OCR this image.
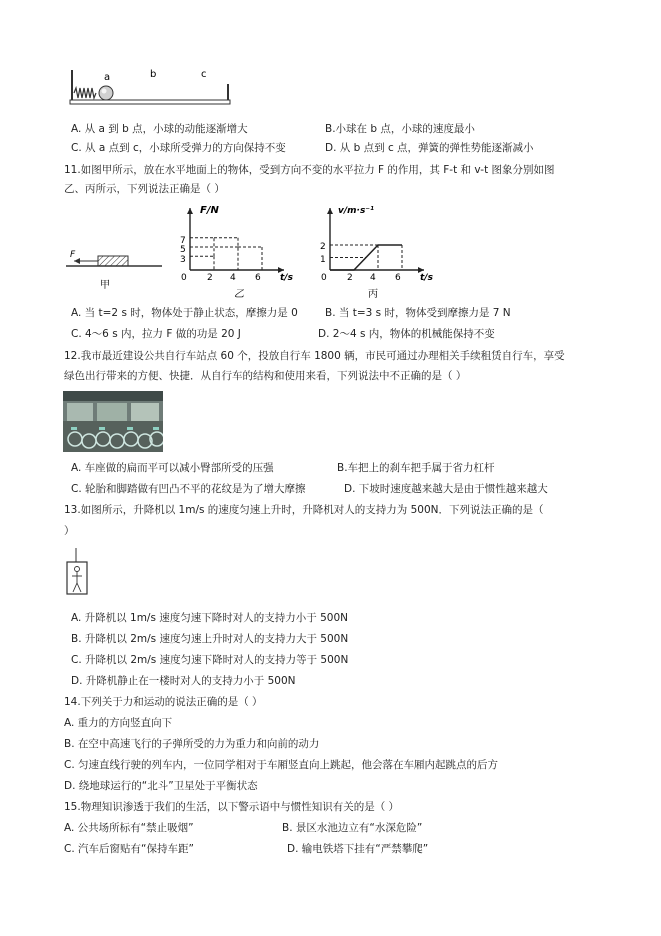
a	b	c
A. 从 a 到 b 点，小球的动能逐渐增大	B.小球在 b 点，小球的速度最小
C. 从 a 点到 c，小球所受弹力的方向保持不变	D. 从 b 点到 c 点，弹簧的弹性势能逐渐减小
11.如图甲所示，放在水平地面上的物体，受到方向不变的水平拉力 F 的作用，其 F-t 和 v-t 图象分别如图
乙、丙所示，下列说法正确是（ ）
F
甲
F/N
t/s
7
5
3
0 2 4 6
乙
v/m·s⁻¹
t/s
2
1
0 2 4 6
丙
A. 当 t=2 s 时，物体处于静止状态，摩擦力是 0	B. 当 t=3 s 时，物体受到摩擦力是 7 N
C. 4～6 s 内，拉力 F 做的功是 20 J	D. 2～4 s 内，物体的机械能保持不变
12.我市最近建设公共自行车站点 60 个，投放自行车 1800 辆，市民可通过办理相关手续租赁自行车，享受
绿色出行带来的方便、快捷．从自行车的结构和使用来看，下列说法中不正确的是（ ）
A. 车座做的扁而平可以减小臀部所受的压强	B.车把上的刹车把手属于省力杠杆
C. 轮胎和脚踏做有凹凸不平的花纹是为了增大摩擦	D. 下坡时速度越来越大是由于惯性越来越大
13.如图所示，升降机以 1m/s 的速度匀速上升时，升降机对人的支持力为 500N．下列说法正确的是（
）
A. 升降机以 1m/s 速度匀速下降时对人的支持力小于 500N
B. 升降机以 2m/s 速度匀速上升时对人的支持力大于 500N
C. 升降机以 2m/s 速度匀速下降时对人的支持力等于 500N
D. 升降机静止在一楼时对人的支持力小于 500N
14.下列关于力和运动的说法正确的是（ ）
A. 重力的方向竖直向下
B. 在空中高速飞行的子弹所受的力为重力和向前的动力
C. 匀速直线行驶的列车内，一位同学相对于车厢竖直向上跳起，他会落在车厢内起跳点的后方
D. 绕地球运行的“北斗”卫星处于平衡状态
15.物理知识渗透于我们的生活，以下警示语中与惯性知识有关的是（ ）
A. 公共场所标有“禁止吸烟”	B. 景区水池边立有“水深危险”
C. 汽车后窗贴有“保持车距”	D. 输电铁塔下挂有“严禁攀爬”
